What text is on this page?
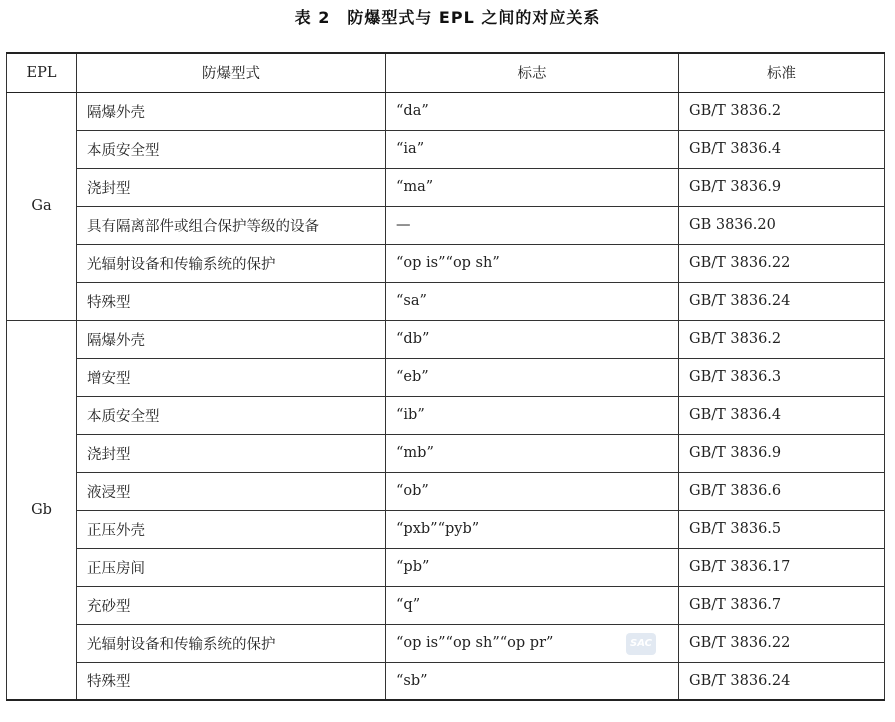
表 2　防爆型式与 EPL 之间的对应关系
EPL	防爆型式	标志	标准
Ga	隔爆外壳	“da”	GB/T 3836.2
	本质安全型	“ia”	GB/T 3836.4
	浇封型	“ma”	GB/T 3836.9
	具有隔离部件或组合保护等级的设备	—	GB 3836.20
	光辐射设备和传输系统的保护	“op is”“op sh”	GB/T 3836.22
	特殊型	“sa”	GB/T 3836.24
Gb	隔爆外壳	“db”	GB/T 3836.2
	增安型	“eb”	GB/T 3836.3
	本质安全型	“ib”	GB/T 3836.4
	浇封型	“mb”	GB/T 3836.9
	液浸型	“ob”	GB/T 3836.6
	正压外壳	“pxb”“pyb”	GB/T 3836.5
	正压房间	“pb”	GB/T 3836.17
	充砂型	“q”	GB/T 3836.7
	光辐射设备和传输系统的保护	“op is”“op sh”“op pr” SAC	GB/T 3836.22
	特殊型	“sb”	GB/T 3836.24
